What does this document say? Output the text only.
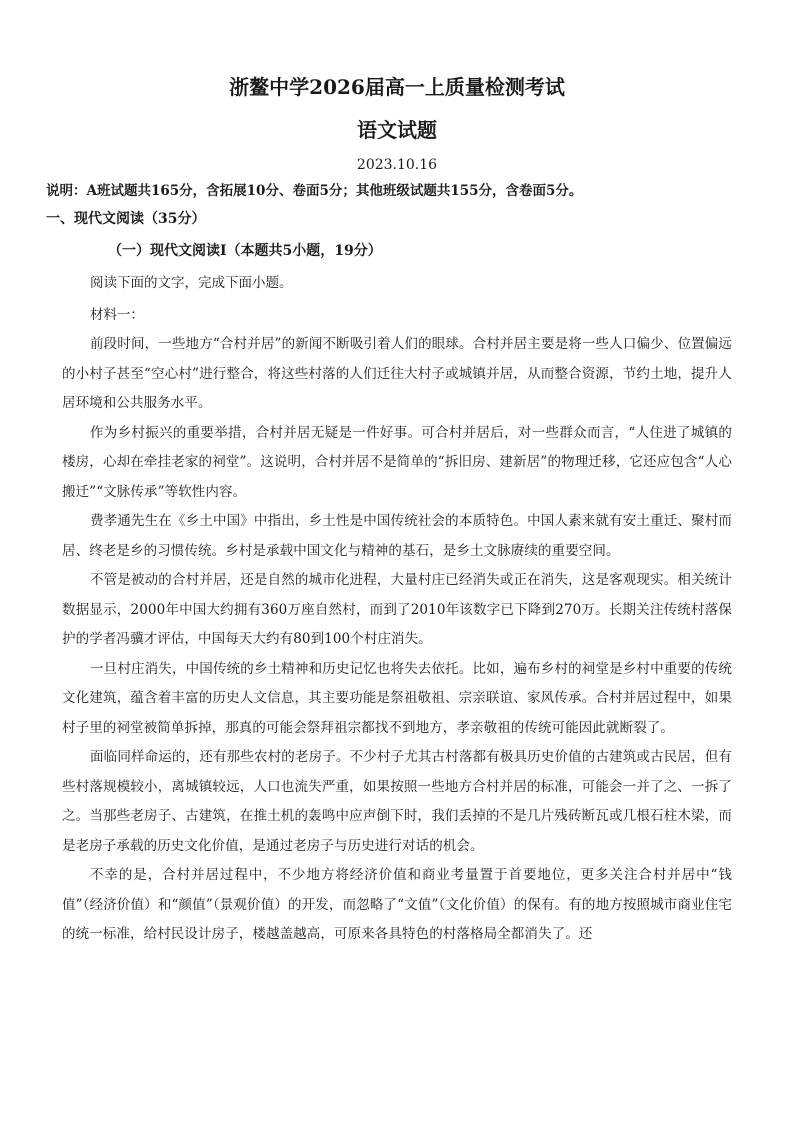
浙鳌中学2026届高一上质量检测考试
语文试题
2023.10.16
说明：A班试题共165分，含拓展10分、卷面5分；其他班级试题共155分，含卷面5分。
一、现代文阅读（35分）
（一）现代文阅读Ⅰ（本题共5小题，19分）

阅读下面的文字，完成下面小题。

材料一：

前段时间，一些地方“合村并居”的新闻不断吸引着人们的眼球。合村并居主要是将一些人口偏少、位置偏远的小村子甚至“空心村”进行整合，将这些村落的人们迁往大村子或城镇并居，从而整合资源，节约土地，提升人居环境和公共服务水平。

作为乡村振兴的重要举措，合村并居无疑是一件好事。可合村并居后，对一些群众而言，“人住进了城镇的楼房，心却在牵挂老家的祠堂”。这说明，合村并居不是简单的“拆旧房、建新居”的物理迁移，它还应包含“人心搬迁”“文脉传承”等软性内容。

费孝通先生在《乡土中国》中指出，乡土性是中国传统社会的本质特色。中国人素来就有安土重迁、聚村而居、终老是乡的习惯传统。乡村是承载中国文化与精神的基石，是乡土文脉赓续的重要空间。

不管是被动的合村并居，还是自然的城市化进程，大量村庄已经消失或正在消失，这是客观现实。相关统计数据显示，2000年中国大约拥有360万座自然村，而到了2010年该数字已下降到270万。长期关注传统村落保护的学者冯骥才评估，中国每天大约有80到100个村庄消失。

一旦村庄消失，中国传统的乡土精神和历史记忆也将失去依托。比如，遍布乡村的祠堂是乡村中重要的传统文化建筑，蕴含着丰富的历史人文信息，其主要功能是祭祖敬祖、宗亲联谊、家风传承。合村并居过程中，如果村子里的祠堂被简单拆掉，那真的可能会祭拜祖宗都找不到地方，孝亲敬祖的传统可能因此就断裂了。

面临同样命运的，还有那些农村的老房子。不少村子尤其古村落都有极具历史价值的古建筑或古民居，但有些村落规模较小，离城镇较远，人口也流失严重，如果按照一些地方合村并居的标准，可能会一并了之、一拆了之。当那些老房子、古建筑，在推土机的轰鸣中应声倒下时，我们丢掉的不是几片残砖断瓦或几根石柱木梁，而是老房子承载的历史文化价值，是通过老房子与历史进行对话的机会。

不幸的是，合村并居过程中，不少地方将经济价值和商业考量置于首要地位，更多关注合村并居中“钱值”（经济价值）和“颜值”（景观价值）的开发，而忽略了“文值”（文化价值）的保有。有的地方按照城市商业住宅的统一标准，给村民设计房子，楼越盖越高，可原来各具特色的村落格局全都消失了。还
